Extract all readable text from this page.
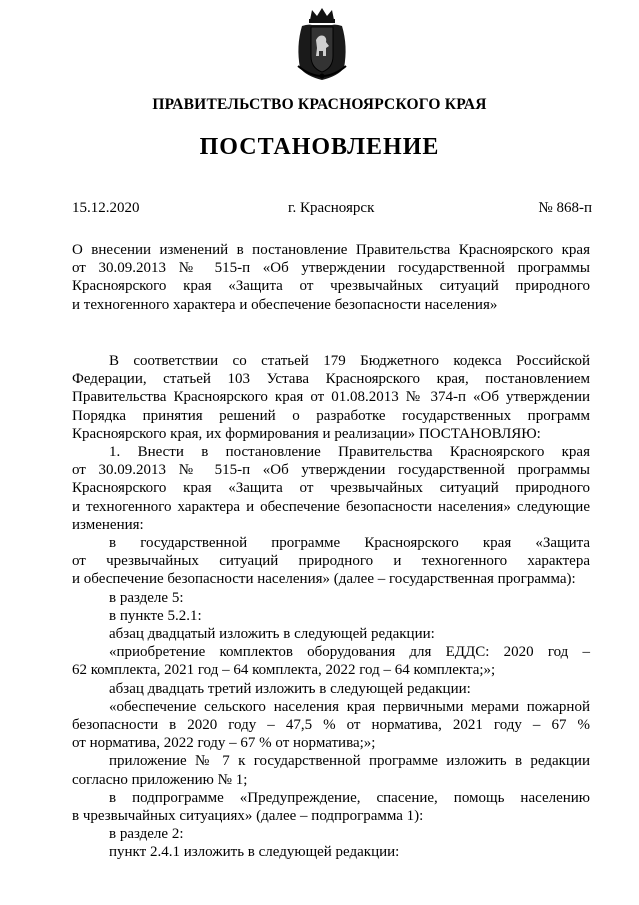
ПРАВИТЕЛЬСТВО КРАСНОЯРСКОГО КРАЯ
ПОСТАНОВЛЕНИЕ
15.12.2020	г. Красноярск	№ 868-п
О внесении изменений в постановление Правительства Красноярского края
от 30.09.2013 № 515-п «Об утверждении государственной программы
Красноярского края «Защита от чрезвычайных ситуаций природного
и техногенного характера и обеспечение безопасности населения»
В соответствии со статьей 179 Бюджетного кодекса Российской
Федерации, статьей 103 Устава Красноярского края, постановлением
Правительства Красноярского края от 01.08.2013 № 374-п «Об утверждении
Порядка принятия решений о разработке государственных программ
Красноярского края, их формирования и реализации» ПОСТАНОВЛЯЮ:
1. Внести в постановление Правительства Красноярского края
от 30.09.2013 № 515-п «Об утверждении государственной программы
Красноярского края «Защита от чрезвычайных ситуаций природного
и техногенного характера и обеспечение безопасности населения» следующие
изменения:
в государственной программе Красноярского края «Защита
от чрезвычайных ситуаций природного и техногенного характера
и обеспечение безопасности населения» (далее – государственная программа):
в разделе 5:
в пункте 5.2.1:
абзац двадцатый изложить в следующей редакции:
«приобретение комплектов оборудования для ЕДДС: 2020 год –
62 комплекта, 2021 год – 64 комплекта, 2022 год – 64 комплекта;»;
абзац двадцать третий изложить в следующей редакции:
«обеспечение сельского населения края первичными мерами пожарной
безопасности в 2020 году – 47,5 % от норматива, 2021 году – 67 %
от норматива, 2022 году – 67 % от норматива;»;
приложение № 7 к государственной программе изложить в редакции
согласно приложению № 1;
в подпрограмме «Предупреждение, спасение, помощь населению
в чрезвычайных ситуациях» (далее – подпрограмма 1):
в разделе 2:
пункт 2.4.1 изложить в следующей редакции:
